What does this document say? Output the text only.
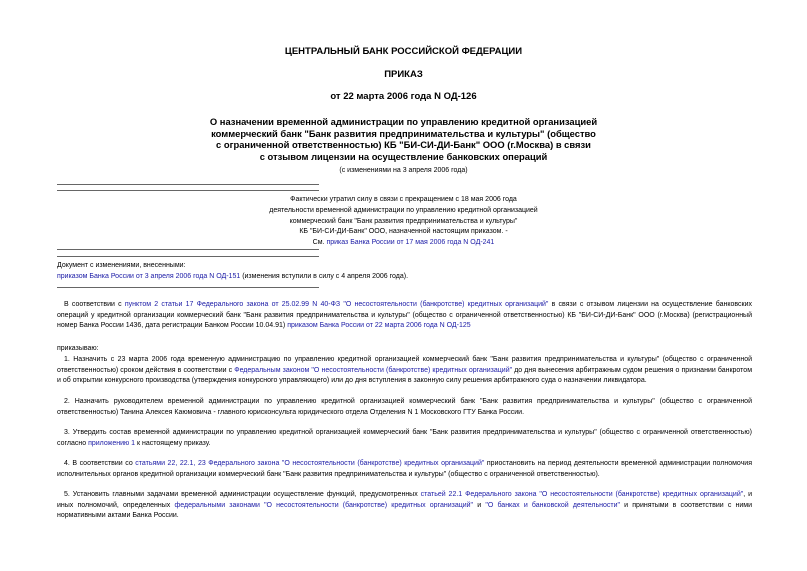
ЦЕНТРАЛЬНЫЙ БАНК РОССИЙСКОЙ ФЕДЕРАЦИИ
ПРИКАЗ
от 22 марта 2006 года N ОД-126
О назначении временной администрации по управлению кредитной организацией
коммерческий банк "Банк развития предпринимательства и культуры" (общество
с ограниченной ответственностью) КБ "БИ-СИ-ДИ-Банк" ООО (г.Москва) в связи
с отзывом лицензии на осуществление банковских операций
(с изменениями на 3 апреля 2006 года)
Фактически утратил силу в связи с прекращением с 18 мая 2006 года
деятельности временной администрации по управлению кредитной организацией
коммерческий банк "Банк развития предпринимательства и культуры"
КБ "БИ-СИ-ДИ-Банк" ООО, назначенной настоящим приказом. -
См. приказ Банка России от 17 мая 2006 года N ОД-241
Документ с изменениями, внесенными:
приказом Банка России от 3 апреля 2006 года N ОД-151 (изменения вступили в силу с 4 апреля 2006 года).
В соответствии с пунктом 2 статьи 17 Федерального закона от 25.02.99 N 40-ФЗ "О несостоятельности (банкротстве) кредитных организаций" в связи с отзывом лицензии на осуществление банковских операций у кредитной организации коммерческий банк "Банк развития предпринимательства и культуры" (общество с ограниченной ответственностью) КБ "БИ-СИ-ДИ-Банк" ООО (г.Москва) (регистрационный номер Банка России 1436, дата регистрации Банком России 10.04.91) приказом Банка России от 22 марта 2006 года N ОД-125
приказываю:
1. Назначить с 23 марта 2006 года временную администрацию по управлению кредитной организацией коммерческий банк "Банк развития предпринимательства и культуры" (общество с ограниченной ответственностью) сроком действия в соответствии с Федеральным законом "О несостоятельности (банкротстве) кредитных организаций" до дня вынесения арбитражным судом решения о признании банкротом и об открытии конкурсного производства (утверждения конкурсного управляющего) или до дня вступления в законную силу решения арбитражного суда о назначении ликвидатора.
2. Назначить руководителем временной администрации по управлению кредитной организацией коммерческий банк "Банк развития предпринимательства и культуры" (общество с ограниченной ответственностью) Танина Алексея Каюмовича - главного юрисконсульта юридического отдела Отделения N 1 Московского ГТУ Банка России.
3. Утвердить состав временной администрации по управлению кредитной организацией коммерческий банк "Банк развития предпринимательства и культуры" (общество с ограниченной ответственностью) согласно приложению 1 к настоящему приказу.
4. В соответствии со статьями 22, 22.1, 23 Федерального закона "О несостоятельности (банкротстве) кредитных организаций" приостановить на период деятельности временной администрации полномочия исполнительных органов кредитной организации коммерческий банк "Банк развития предпринимательства и культуры" (общество с ограниченной ответственностью).
5. Установить главными задачами временной администрации осуществление функций, предусмотренных статьей 22.1 Федерального закона "О несостоятельности (банкротстве) кредитных организаций", и иных полномочий, определенных федеральными законами "О несостоятельности (банкротстве) кредитных организаций" и "О банках и банковской деятельности" и принятыми в соответствии с ними нормативными актами Банка России.
